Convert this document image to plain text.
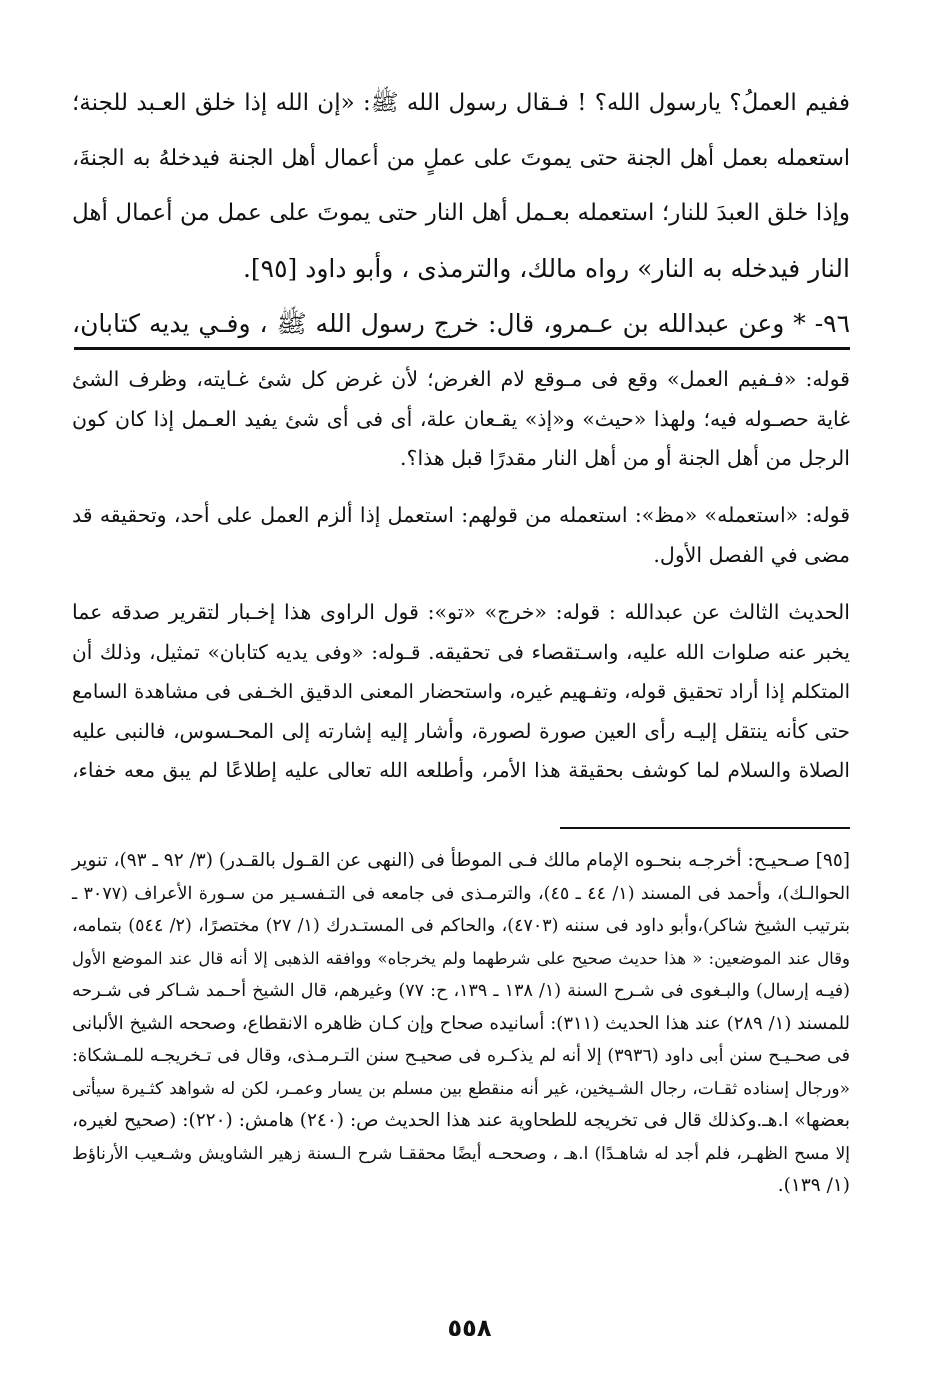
ففيم العملُ؟ يارسول الله؟ ! فـقال رسول الله ﷺ: «إن الله إذا خلق العـبد للجنة؛
استعمله بعمل أهل الجنة حتى يموتَ على عملٍ من أعمال أهل الجنة فيدخلهُ به الجنةَ،
وإذا خلق العبدَ للنار؛ استعمله بعـمل أهل النار حتى يموتَ على عمل من أعمال أهل
النار فيدخله به النار» رواه مالك، والترمذى ، وأبو داود [٩٥].
٩٦- * وعن عبدالله بن عـمرو، قال: خرج رسول الله ﷺ ، وفـي يديه كتابان،
قوله: «فـفيم العمل» وقع فى مـوقع لام الغرض؛ لأن غرض كل شئ غـايته، وظرف الشئ
غاية حصـوله فيه؛ ولهذا «حيث» و«إذ» يقـعان علة، أى فى أى شئ يفيد العـمل إذا كان كون
الرجل من أهل الجنة أو من أهل النار مقدرًا قبل هذا؟.
قوله: «استعمله» «مظ»: استعمله من قولهم: استعمل إذا ألزم العمل على أحد، وتحقيقه قد
مضى في الفصل الأول.
الحديث الثالث عن عبدالله : قوله: «خرج» «تو»: قول الراوى هذا إخـبار لتقرير صدقه عما
يخبر عنه صلوات الله عليه، واسـتقصاء فى تحقيقه. قـوله: «وفى يديه كتابان» تمثيل، وذلك أن
المتكلم إذا أراد تحقيق قوله، وتفـهيم غيره، واستحضار المعنى الدقيق الخـفى فى مشاهدة السامع
حتى كأنه ينتقل إليـه رأى العين صورة لصورة، وأشار إليه إشارته إلى المحـسوس، فالنبى عليه
الصلاة والسلام لما كوشف بحقيقة هذا الأمر، وأطلعه الله تعالى عليه إطلاعًا لم يبق معه خفاء،
[٩٥] صـحيـح: أخرجـه بنحـوه الإمام مالك فـى الموطأ فى (النهى عن القـول بالقـدر) (٣/ ٩٢ ـ ٩٣)، تنوير
الحوالـك)، وأحمد فى المسند (١/ ٤٤ ـ ٤٥)، والترمـذى فى جامعه فى التـفسـير من سـورة الأعراف (٣٠٧٧ ـ
بترتيب الشيخ شاكر)،وأبو داود فى سننه (٤٧٠٣)، والحاكم فى المستـدرك (١/ ٢٧) مختصرًا، (٢/ ٥٤٤) بتمامه،
وقال عند الموضعين: « هذا حديث صحيح على شرطهما ولم يخرجاه» ووافقه الذهبى إلا أنه قال عند الموضع الأول
(فيـه إرسال) والبـغوى فى شـرح السنة (١/ ١٣٨ ـ ١٣٩، ح: ٧٧) وغيرهم، قال الشيخ أحـمد شـاكر فى شـرحه
للمسند (١/ ٢٨٩) عند هذا الحديث (٣١١): أسانيده صحاح وإن كـان ظاهره الانقطاع، وصححه الشيخ الألبانى
فى صحـيـح سنن أبى داود (٣٩٣٦) إلا أنه لم يذكـره فى صحيـح سنن التـرمـذى، وقال فى تـخريجـه للمـشكاة:
«ورجال إسناده ثقـات، رجال الشـيخين، غير أنه منقطع بين مسلم بن يسار وعمـر، لكن له شواهد كثـيرة سيأتى
بعضها» ا.هـ.وكذلك قال فى تخريجه للطحاوية عند هذا الحديث ص: (٢٤٠) هامش: (٢٢٠): (صحيح لغيره،
إلا مسح الظهـر، فلم أجد له شاهـدًا) ا.هـ ، وصححـه أيضًا محققـا شرح الـسنة زهير الشاويش وشـعيب الأرناؤط
(١/ ١٣٩).
٥٥٨
